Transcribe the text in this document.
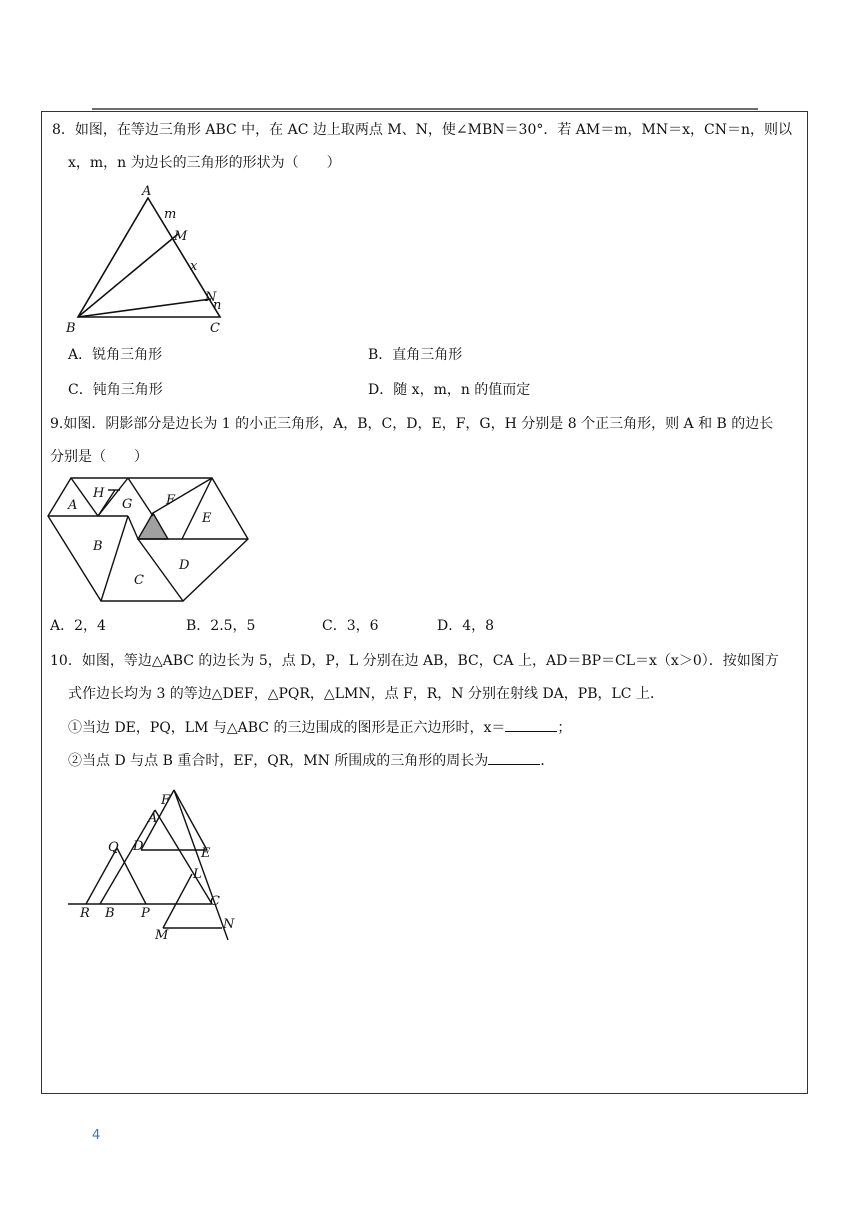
8．如图，在等边三角形 ABC 中，在 AC 边上取两点 M、N，使∠MBN＝30°．若 AM＝m，MN＝x，CN＝n，则以
x，m，n 为边长的三角形的形状为（　　）
A
B	C
M
N
m
x
n
A．锐角三角形	B．直角三角形
C．钝角三角形	D．随 x，m，n 的值而定
9.如图．阴影部分是边长为 1 的小正三角形，A，B，C，D，E，F，G，H 分别是 8 个正三角形，则 A 和 B 的边长
分别是（　　）
A
H
G	F
E
B
D
C
A．2，4	B．2.5，5	C．3，6	D．4，8
10．如图，等边△ABC 的边长为 5，点 D，P，L 分别在边 AB，BC，CA 上，AD＝BP＝CL＝x（x＞0）．按如图方
式作边长均为 3 的等边△DEF，△PQR，△LMN，点 F，R，N 分别在射线 DA，PB，LC 上．
①当边 DE，PQ，LM 与△ABC 的三边围成的图形是正六边形时，x＝	；
②当点 D 与点 B 重合时，EF，QR，MN 所围成的三角形的周长为	．
F
A
D	E
Q
L
C
R B P
N
M
4
